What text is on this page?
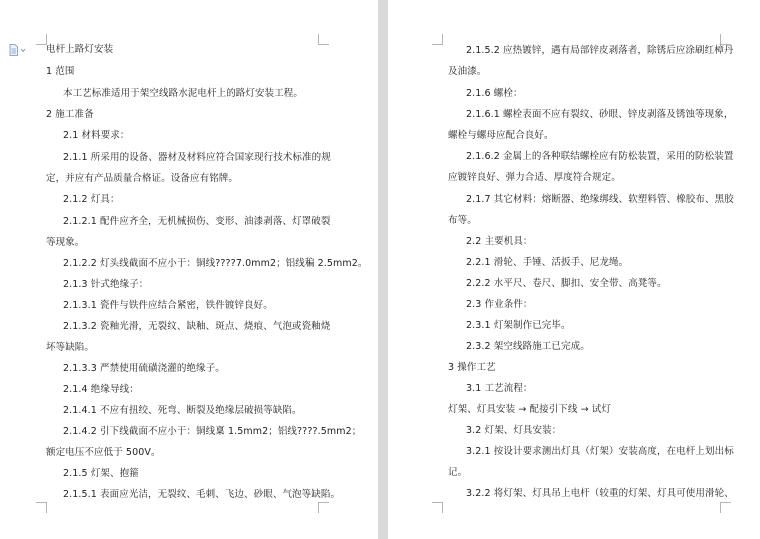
电杆上路灯安装
1 范围
本工艺标准适用于架空线路水泥电杆上的路灯安装工程。
2 施工准备
2.1 材料要求：
2.1.1 所采用的设备、器材及材料应符合国家现行技术标准的规
定，并应有产品质量合格证。设备应有铭牌。
2.1.2 灯具：
2.1.2.1 配件应齐全，无机械损伤、变形、油漆剥落、灯罩破裂
等现象。
2.1.2.2 灯头线截面不应小于：铜线????7.0mm2；铝线稨 2.5mm2。
2.1.3 针式绝缘子：
2.1.3.1 瓷件与铁件应结合紧密，铁件镀锌良好。
2.1.3.2 瓷釉光滑，无裂纹、缺釉、斑点、烧痕、气泡或瓷釉烧
坏等缺陷。
2.1.3.3 严禁使用硫磺浇灌的绝缘子。
2.1.4 绝缘导线：
2.1.4.1 不应有扭绞、死弯、断裂及绝缘层破损等缺陷。
2.1.4.2 引下线截面不应小于：铜线稟 1.5mm2；铝线????.5mm2；
额定电压不应低于 500V。
2.1.5 灯架、抱箍
2.1.5.1 表面应光洁，无裂纹、毛刺、飞边、砂眼、气泡等缺陷。
2.1.5.2 应热镀锌，遇有局部锌皮剥落者，除锈后应涂刷红樟丹
及油漆。
2.1.6 螺栓：
2.1.6.1 螺栓表面不应有裂纹、砂眼、锌皮剥落及锈蚀等现象，
螺栓与螺母应配合良好。
2.1.6.2 金属上的各种联结螺栓应有防松装置，采用的防松装置
应镀锌良好、弹力合适、厚度符合规定。
2.1.7 其它材料：熔断器、绝缘绑线、软塑料管、橡胶布、黑胶
布等。
2.2 主要机具：
2.2.1 滑轮、手锤、活扳手、尼龙绳。
2.2.2 水平尺、卷尺、脚扣、安全带、高凳等。
2.3 作业条件：
2.3.1 灯架制作已完毕。
2.3.2 架空线路施工已完成。
3 操作工艺
3.1 工艺流程：
灯架、灯具安装 → 配接引下线 → 试灯
3.2 灯架、灯具安装：
3.2.1 按设计要求测出灯具（灯架）安装高度，在电杆上划出标
记。
3.2.2 将灯架、灯具吊上电杆（较重的灯架、灯具可使用滑轮、
